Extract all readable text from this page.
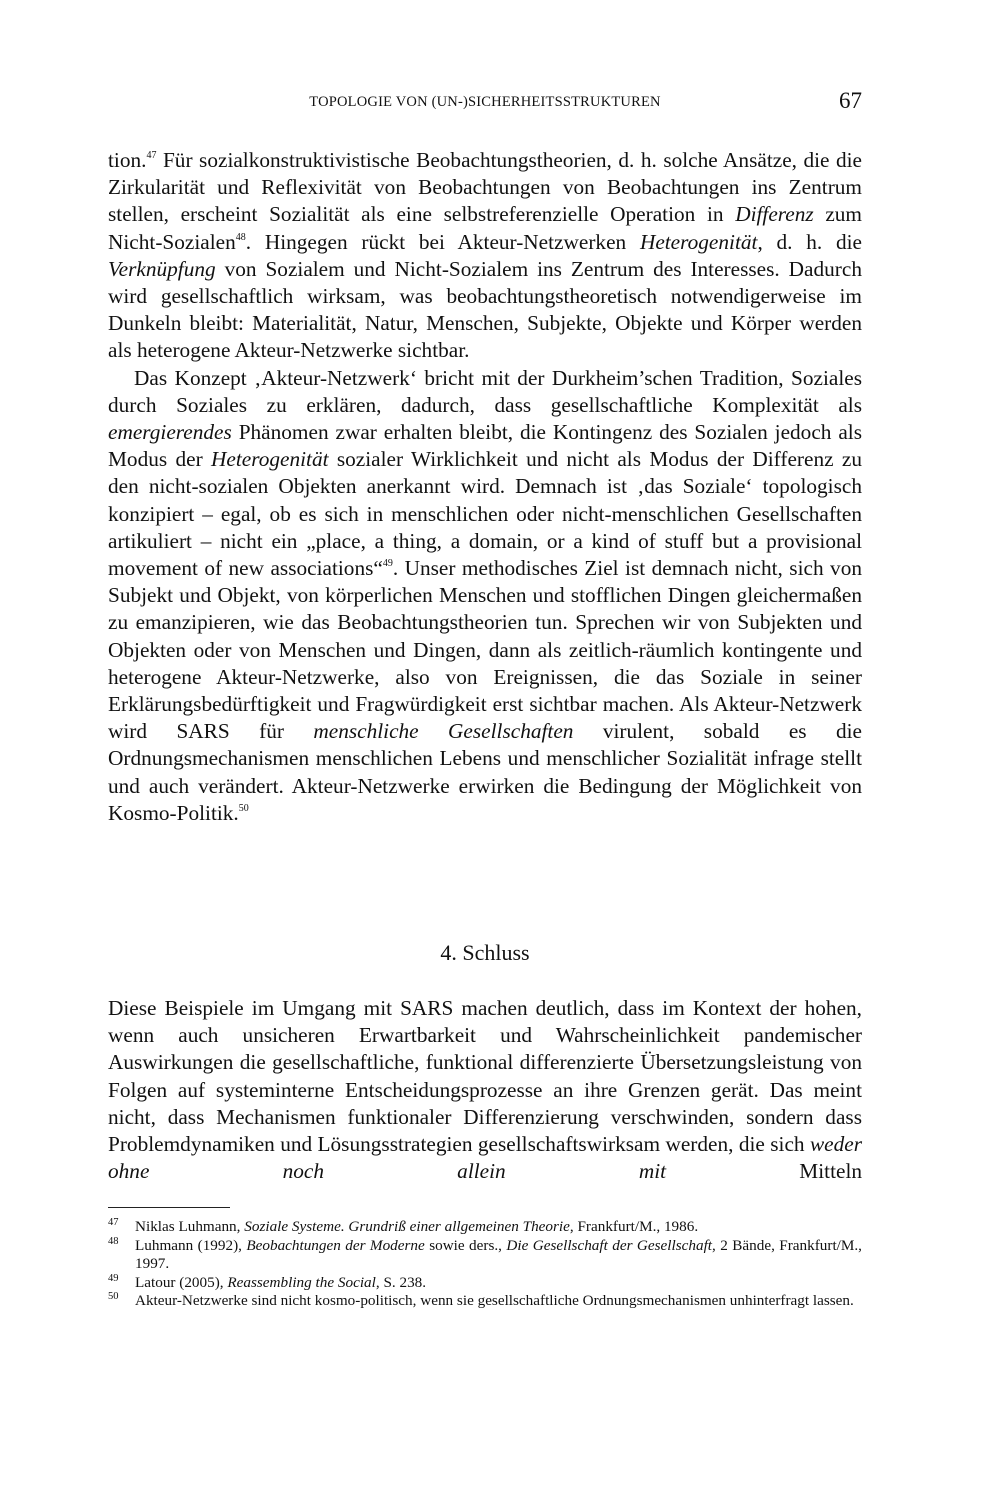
TOPOLOGIE VON (UN-)SICHERHEITSSTRUKTUREN	67

tion.$^{47}$ Für sozialkonstruktivistische Beobachtungstheorien, d. h. solche Ansätze, die die Zirkularität und Reflexivität von Beobachtungen von Beobachtungen ins Zentrum stellen, erscheint Sozialität als eine selbstreferenzielle Operation in Differenz zum Nicht-Sozialen$^{48}$. Hingegen rückt bei Akteur-Netzwerken Heterogenität, d. h. die Verknüpfung von Sozialem und Nicht-Sozialem ins Zentrum des Interesses. Dadurch wird gesellschaftlich wirksam, was beobachtungstheoretisch notwendigerweise im Dunkeln bleibt: Materialität, Natur, Menschen, Subjekte, Objekte und Körper werden als heterogene Akteur-Netzwerke sichtbar.

Das Konzept ‚Akteur-Netzwerk‘ bricht mit der Durkheim’schen Tradition, Soziales durch Soziales zu erklären, dadurch, dass gesellschaftliche Komplexität als emergierendes Phänomen zwar erhalten bleibt, die Kontingenz des Sozialen jedoch als Modus der Heterogenität sozialer Wirklichkeit und nicht als Modus der Differenz zu den nicht-sozialen Objekten anerkannt wird. Demnach ist ‚das Soziale‘ topologisch konzipiert – egal, ob es sich in menschlichen oder nicht-menschlichen Gesellschaften artikuliert – nicht ein „place, a thing, a domain, or a kind of stuff but a provisional movement of new associations“$^{49}$. Unser methodisches Ziel ist demnach nicht, sich von Subjekt und Objekt, von körperlichen Menschen und stofflichen Dingen gleichermaßen zu emanzipieren, wie das Beobachtungstheorien tun. Sprechen wir von Subjekten und Objekten oder von Menschen und Dingen, dann als zeitlich-räumlich kontingente und heterogene Akteur-Netzwerke, also von Ereignissen, die das Soziale in seiner Erklärungsbedürftigkeit und Fragwürdigkeit erst sichtbar machen. Als Akteur-Netzwerk wird SARS für menschliche Gesellschaften virulent, sobald es die Ordnungsmechanismen menschlichen Lebens und menschlicher Sozialität infrage stellt und auch verändert. Akteur-Netzwerke erwirken die Bedingung der Möglichkeit von Kosmo-Politik.$^{50}$

4. Schluss

Diese Beispiele im Umgang mit SARS machen deutlich, dass im Kontext der hohen, wenn auch unsicheren Erwartbarkeit und Wahrscheinlichkeit pandemischer Auswirkungen die gesellschaftliche, funktional differenzierte Übersetzungsleistung von Folgen auf systeminterne Entscheidungsprozesse an ihre Grenzen gerät. Das meint nicht, dass Mechanismen funktionaler Differenzierung verschwinden, sondern dass Problemdynamiken und Lösungsstrategien gesellschaftswirksam werden, die sich weder ohne noch allein mit Mitteln

47 Niklas Luhmann, Soziale Systeme. Grundriß einer allgemeinen Theorie, Frankfurt/M., 1986.
48 Luhmann (1992), Beobachtungen der Moderne sowie ders., Die Gesellschaft der Gesellschaft, 2 Bände, Frankfurt/M., 1997.
49 Latour (2005), Reassembling the Social, S. 238.
50 Akteur-Netzwerke sind nicht kosmo-politisch, wenn sie gesellschaftliche Ordnungsmechanismen unhinterfragt lassen.
